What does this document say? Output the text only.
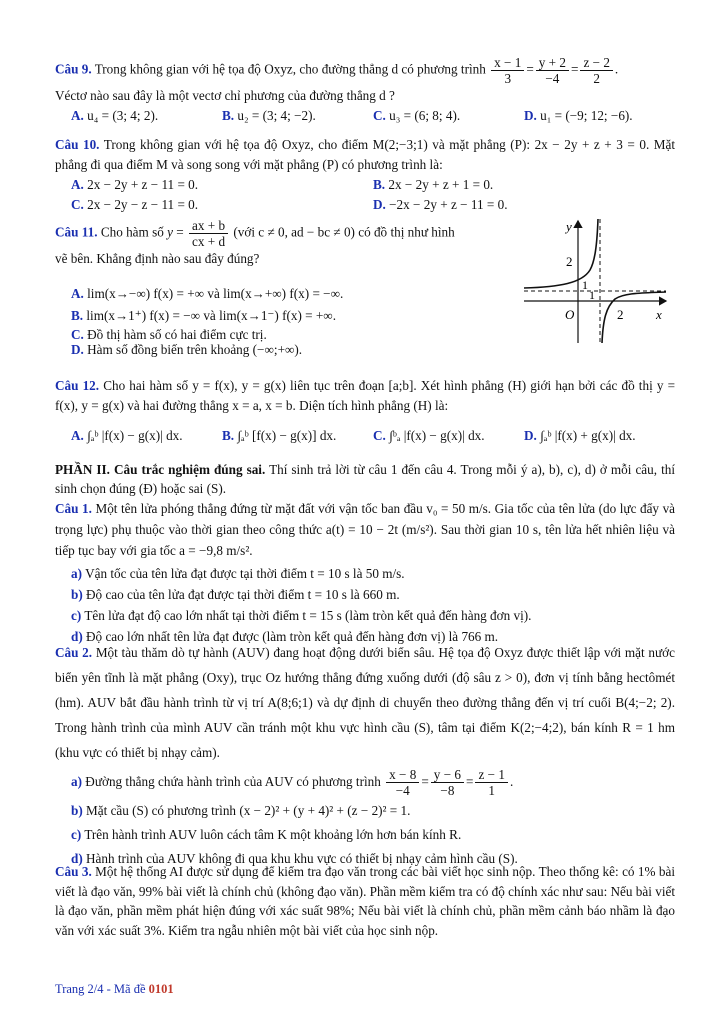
Câu 9. Trong không gian với hệ tọa độ Oxyz, cho đường thẳng d có phương trình $\frac{x - 1}{3} = \frac{y + 2}{-4} = \frac{z - 2}{2}$ .
Véctơ nào sau đây là một vectơ chỉ phương của đường thẳng d ?
A. u₄ = (3; 4; 2).	B. u₂ = (3; 4; −2).	C. u₃ = (6; 8; 4).	D. u₁ = (−9; 12; −6).
Câu 10. Trong không gian với hệ tọa độ Oxyz, cho điểm M(2;−3;1) và mặt phẳng (P): 2x − 2y + z + 3 = 0. Mặt phẳng đi qua điểm M và song song với mặt phẳng (P) có phương trình là:
A. 2x − 2y + z − 11 = 0.	B. 2x − 2y + z + 1 = 0.
C. 2x − 2y − z − 11 = 0.	D. −2x − 2y + z − 11 = 0.
Câu 11. Cho hàm số $y = \frac{ax + b}{cx + d}$ (với c ≠ 0, ad − bc ≠ 0) có đồ thị như hình
vẽ bên. Khẳng định nào sau đây đúng?
A. lim(x→−∞) f(x) = +∞ và lim(x→+∞) f(x) = −∞.
B. lim(x→1⁺) f(x) = −∞ và lim(x→1⁻) f(x) = +∞.
C. Đồ thị hàm số có hai điểm cực trị.
D. Hàm số đồng biến trên khoảng (−∞;+∞).
Câu 12. Cho hai hàm số y = f(x), y = g(x) liên tục trên đoạn [a;b]. Xét hình phẳng (H) giới hạn bởi các đồ thị y = f(x), y = g(x) và hai đường thẳng x = a, x = b. Diện tích hình phẳng (H) là:
A. ∫ₐᵇ |f(x) − g(x)| dx.	B. ∫ₐᵇ [f(x) − g(x)] dx.	C. ∫ᵇₐ |f(x) − g(x)| dx.	D. ∫ₐᵇ |f(x) + g(x)| dx.
PHẦN II. Câu trắc nghiệm đúng sai. Thí sinh trả lời từ câu 1 đến câu 4. Trong mỗi ý a), b), c), d) ở mỗi câu, thí sinh chọn đúng (Đ) hoặc sai (S).
Câu 1. Một tên lửa phóng thẳng đứng từ mặt đất với vận tốc ban đầu v₀ = 50 m/s. Gia tốc của tên lửa (do lực đẩy và trọng lực) phụ thuộc vào thời gian theo công thức a(t) = 10 − 2t (m/s²). Sau thời gian 10 s, tên lửa hết nhiên liệu và tiếp tục bay với gia tốc a = −9,8 m/s².
a) Vận tốc của tên lửa đạt được tại thời điểm t = 10 s là 50 m/s.
b) Độ cao của tên lửa đạt được tại thời điểm t = 10 s là 660 m.
c) Tên lửa đạt độ cao lớn nhất tại thời điểm t = 15 s (làm tròn kết quả đến hàng đơn vị).
d) Độ cao lớn nhất tên lửa đạt được (làm tròn kết quả đến hàng đơn vị) là 766 m.
Câu 2. Một tàu thăm dò tự hành (AUV) đang hoạt động dưới biển sâu. Hệ tọa độ Oxyz được thiết lập với mặt nước biển yên tĩnh là mặt phẳng (Oxy), trục Oz hướng thẳng đứng xuống dưới (độ sâu z > 0), đơn vị tính bằng hectômét (hm). AUV bắt đầu hành trình từ vị trí A(8;6;1) và dự định di chuyển theo đường thẳng đến vị trí cuối B(4;−2; 2). Trong hành trình của mình AUV cần tránh một khu vực hình cầu (S), tâm tại điểm K(2;−4;2), bán kính R = 1 hm (khu vực có thiết bị nhạy cảm).
a) Đường thẳng chứa hành trình của AUV có phương trình $\frac{x - 8}{-4} = \frac{y - 6}{-8} = \frac{z - 1}{1}$ .
b) Mặt cầu (S) có phương trình (x − 2)² + (y + 4)² + (z − 2)² = 1.
c) Trên hành trình AUV luôn cách tâm K một khoảng lớn hơn bán kính R.
d) Hành trình của AUV không đi qua khu khu vực có thiết bị nhạy cảm hình cầu (S).
Câu 3. Một hệ thống AI được sử dụng để kiểm tra đạo văn trong các bài viết học sinh nộp. Theo thống kê: có 1% bài viết là đạo văn, 99% bài viết là chính chủ (không đạo văn). Phần mềm kiểm tra có độ chính xác như sau: Nếu bài viết là đạo văn, phần mềm phát hiện đúng với xác suất 98%; Nếu bài viết là chính chủ, phần mềm cảnh báo nhầm là đạo văn với xác suất 3%. Kiểm tra ngẫu nhiên một bài viết của học sinh nộp.
y
x
O
2
1
1
2
Trang 2/4 - Mã đề 0101
